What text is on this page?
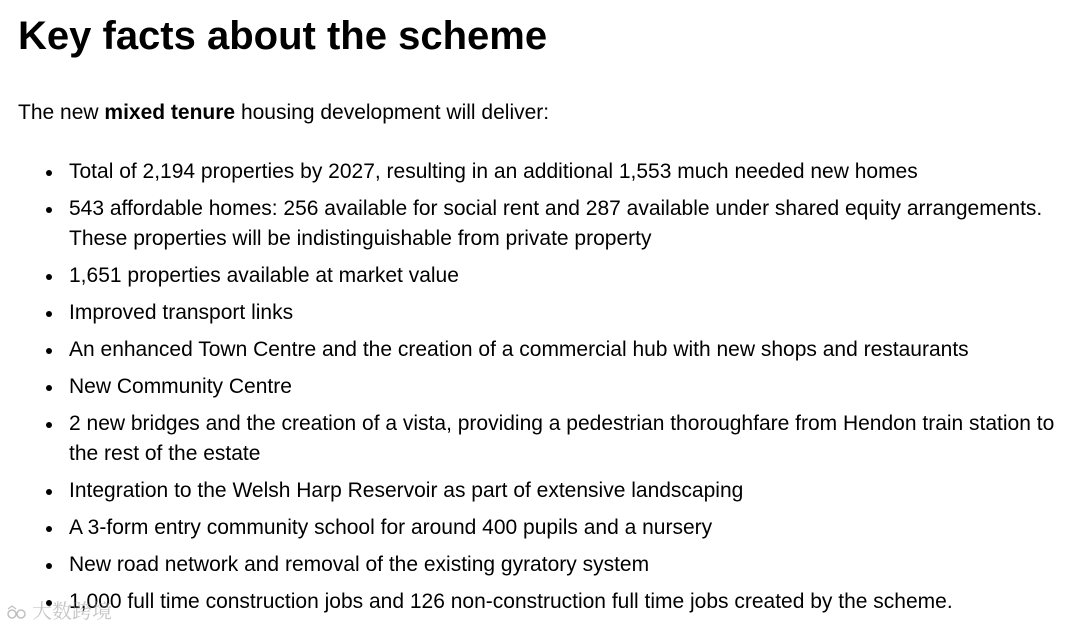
Key facts about the scheme

The new mixed tenure housing development will deliver:

Total of 2,194 properties by 2027, resulting in an additional 1,553 much needed new homes
543 affordable homes: 256 available for social rent and 287 available under shared equity arrangements. These properties will be indistinguishable from private property
1,651 properties available at market value
Improved transport links
An enhanced Town Centre and the creation of a commercial hub with new shops and restaurants
New Community Centre
2 new bridges and the creation of a vista, providing a pedestrian thoroughfare from Hendon train station to the rest of the estate
Integration to the Welsh Harp Reservoir as part of extensive landscaping
A 3-form entry community school for around 400 pupils and a nursery
New road network and removal of the existing gyratory system
1,000 full time construction jobs and 126 non-construction full time jobs created by the scheme.
大数跨境
